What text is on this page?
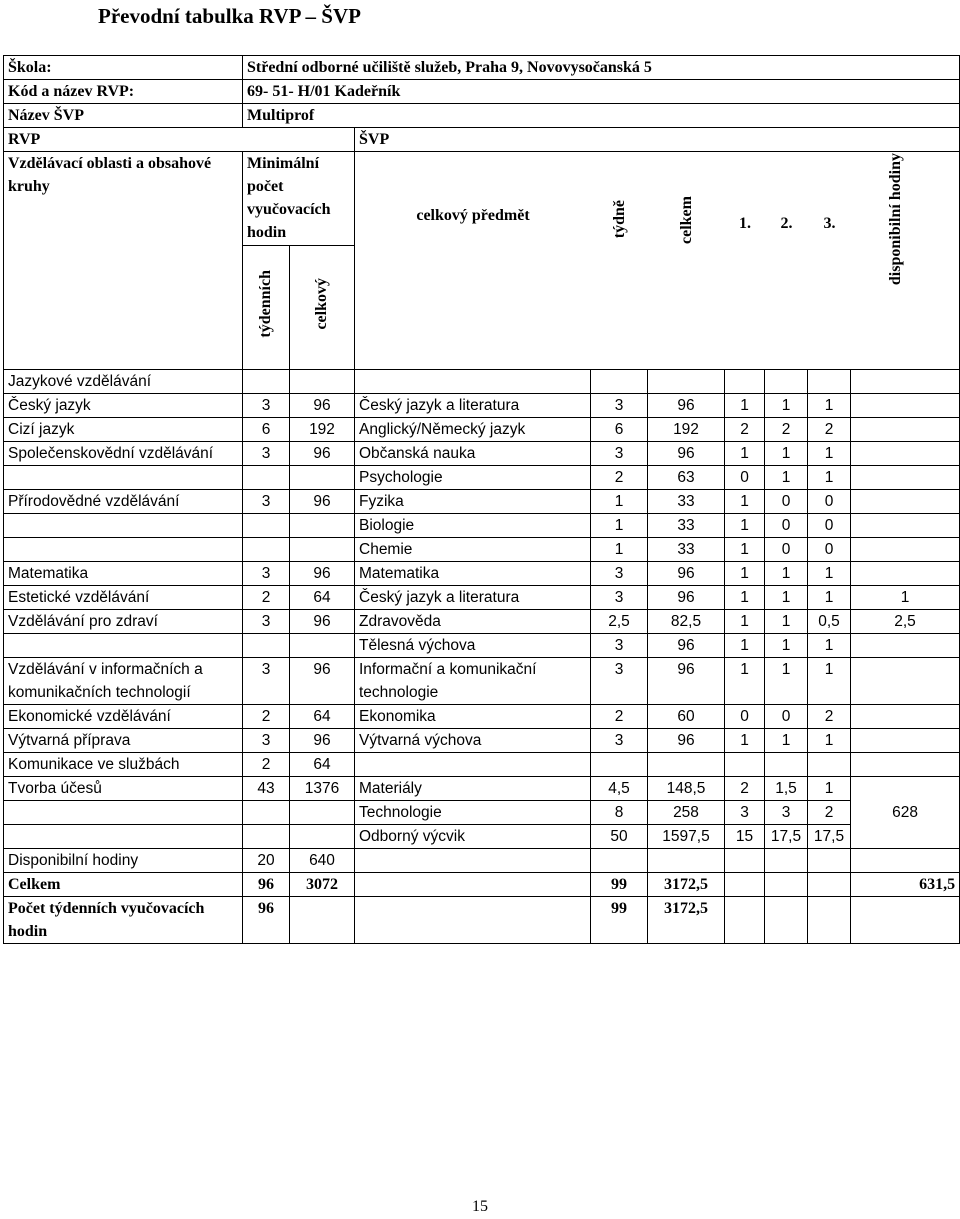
Převodní tabulka RVP – ŠVP
Škola:	Střední odborné učiliště služeb, Praha 9, Novovysočanská 5
Kód a název RVP:	69- 51- H/01 Kadeřník
Název ŠVP	Multiprof
RVP	ŠVP
Vzdělávací oblasti a obsahové kruhy	Minimální počet vyučovacích hodin	
celkový předmět	týdně	celkem	1.	2.	3.	disponibilní hodiny

týdenních	celkový
Jazykové vzdělávání									
Český jazyk	3	96	Český jazyk a literatura	3	96	1	1	1	
Cizí jazyk	6	192	Anglický/Německý jazyk	6	192	2	2	2	
Společenskovědní vzdělávání	3	96	Občanská nauka	3	96	1	1	1	
			Psychologie	2	63	0	1	1	
Přírodovědné vzdělávání	3	96	Fyzika	1	33	1	0	0	
			Biologie	1	33	1	0	0	
			Chemie	1	33	1	0	0	
Matematika	3	96	Matematika	3	96	1	1	1	
Estetické vzdělávání	2	64	Český jazyk a literatura	3	96	1	1	1	1
Vzdělávání pro zdraví	3	96	Zdravověda	2,5	82,5	1	1	0,5	2,5
			Tělesná výchova	3	96	1	1	1	
Vzdělávání v informačních a komunikačních technologií	3	96	Informační a komunikační technologie	3	96	1	1	1	
Ekonomické vzdělávání	2	64	Ekonomika	2	60	0	0	2	
Výtvarná příprava	3	96	Výtvarná výchova	3	96	1	1	1	
Komunikace ve službách	2	64							
Tvorba účesů	43	1376	Materiály	4,5	148,5	2	1,5	1	628
			Technologie	8	258	3	3	2
			Odborný výcvik	50	1597,5	15	17,5	17,5
Disponibilní hodiny	20	640							
Celkem	96	3072		99	3172,5				631,5
Počet týdenních vyučovacích hodin	96			99	3172,5				
15
